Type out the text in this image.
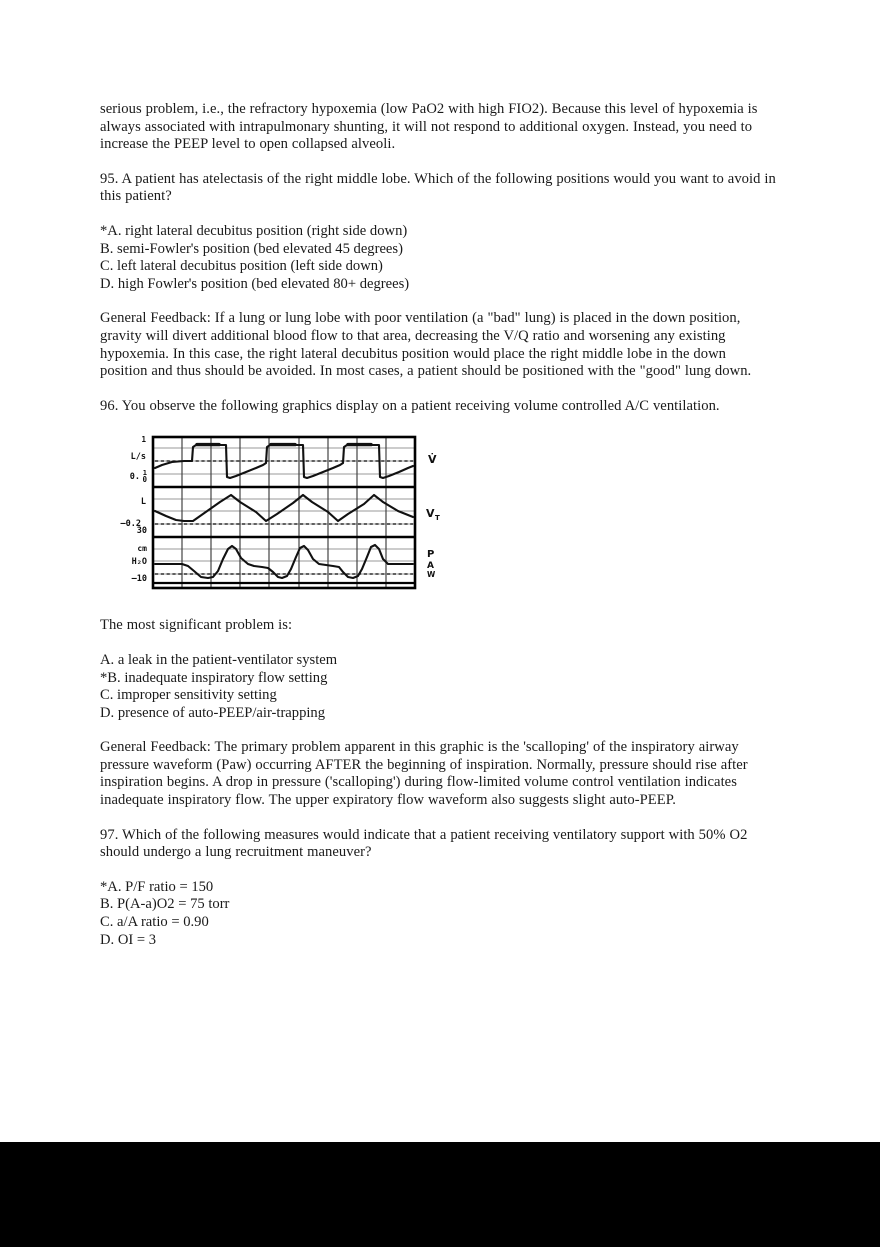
serious problem, i.e., the refractory hypoxemia (low PaO2 with high FIO2). Because this level of hypoxemia is always associated with intrapulmonary shunting, it will not respond to additional oxygen. Instead, you need to increase the PEEP level to open collapsed alveoli.

95. A patient has atelectasis of the right middle lobe. Which of the following positions would you want to avoid in this patient?

*A. right lateral decubitus position (right side down)
B. semi-Fowler's position (bed elevated 45 degrees)
C. left lateral decubitus position (left side down)
D. high Fowler's position (bed elevated 80+ degrees)

General Feedback: If a lung or lung lobe with poor ventilation (a "bad" lung) is placed in the down position, gravity will divert additional blood flow to that area, decreasing the V/Q ratio and worsening any existing hypoxemia. In this case, the right lateral decubitus position would place the right middle lobe in the down position and thus should be avoided. In most cases, a patient should be positioned with the "good" lung down.

96. You observe the following graphics display on a patient receiving volume controlled A/C ventilation.

1
L/s
0. 1
0
L
–0.2
30
cm
H₂O
–10
V̇
V T
P
A
W

The most significant problem is:

A. a leak in the patient-ventilator system
*B. inadequate inspiratory flow setting
C. improper sensitivity setting
D. presence of auto-PEEP/air-trapping

General Feedback: The primary problem apparent in this graphic is the 'scalloping' of the inspiratory airway pressure waveform (Paw) occurring AFTER the beginning of inspiration. Normally, pressure should rise after inspiration begins. A drop in pressure ('scalloping') during flow-limited volume control ventilation indicates inadequate inspiratory flow. The upper expiratory flow waveform also suggests slight auto-PEEP.

97. Which of the following measures would indicate that a patient receiving ventilatory support with 50% O2 should undergo a lung recruitment maneuver?

*A. P/F ratio = 150
B. P(A-a)O2 = 75 torr
C. a/A ratio = 0.90
D. OI = 3
